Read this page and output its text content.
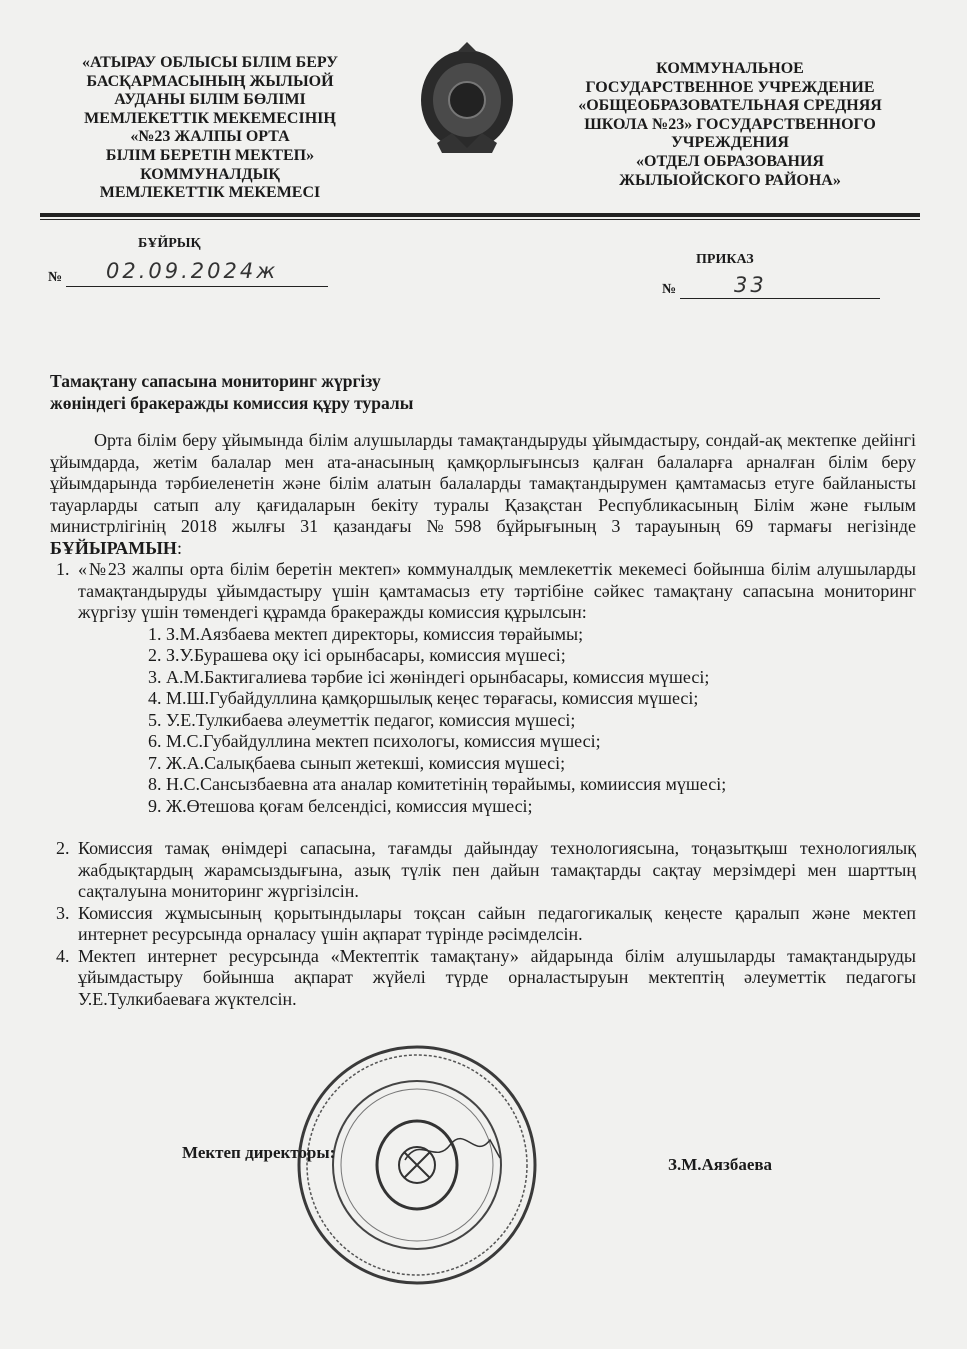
«АТЫРАУ ОБЛЫСЫ БІЛІМ БЕРУ
БАСҚАРМАСЫНЫҢ ЖЫЛЫОЙ
АУДАНЫ БІЛІМ БӨЛІМІ
МЕМЛЕКЕТТІК МЕКЕМЕСІНІҢ
«№23 ЖАЛПЫ ОРТА
БІЛІМ БЕРЕТІН МЕКТЕП»
КОММУНАЛДЫҚ
МЕМЛЕКЕТТІК МЕКЕМЕСІ
КОММУНАЛЬНОЕ
ГОСУДАРСТВЕННОЕ УЧРЕЖДЕНИЕ
«ОБЩЕОБРАЗОВАТЕЛЬНАЯ СРЕДНЯЯ
ШКОЛА №23» ГОСУДАРСТВЕННОГО
УЧРЕЖДЕНИЯ
«ОТДЕЛ ОБРАЗОВАНИЯ
ЖЫЛЫОЙСКОГО РАЙОНА»
БҰЙРЫҚ
№ 02.09.2024ж	ПРИКАЗ
№	33
Тамақтану сапасына мониторинг жүргізу
жөніндегі бракеражды комиссия құру туралы
Орта білім беру ұйымында білім алушыларды тамақтандыруды ұйымдастыру, сондай-ақ мектепке дейінгі ұйымдарда, жетім балалар мен ата-анасының қамқорлығынсыз қалған балаларға арналған білім беру ұйымдарында тәрбиеленетін және білім алатын балаларды тамақтандырумен қамтамасыз етуге байланысты тауарларды сатып алу қағидаларын бекіту туралы Қазақстан Республикасының Білім және ғылым министрлігінің 2018 жылғы 31 қазандағы №598 бұйрығының 3 тарауының 69 тармағы негізінде БҰЙЫРАМЫН:
1. «№23 жалпы орта білім беретін мектеп» коммуналдық мемлекеттік мекемесі бойынша білім алушыларды тамақтандыруды ұйымдастыру үшін қамтамасыз ету тәртібіне сәйкес тамақтану сапасына мониторинг жүргізу үшін төмендегі құрамда бракеражды комиссия құрылсын:
1. З.М.Аязбаева мектеп директоры, комиссия төрайымы;
2. З.У.Бурашева оқу ісі орынбасары, комиссия мүшесі;
3. А.М.Бактигалиева тәрбие ісі жөніндегі орынбасары, комиссия мүшесі;
4. М.Ш.Губайдуллина қамқоршылық кеңес төрағасы, комиссия мүшесі;
5. У.Е.Тулкибаева әлеуметтік педагог, комиссия мүшесі;
6. М.С.Губайдуллина мектеп психологы, комиссия мүшесі;
7. Ж.А.Салықбаева сынып жетекші, комиссия мүшесі;
8. Н.С.Сансызбаевна ата аналар комитетінің төрайымы, комииссия мүшесі;
9. Ж.Өтешова қоғам белсендісі, комиссия мүшесі;
2. Комиссия тамақ өнімдері сапасына, тағамды дайындау технологиясына, тоңазытқыш технологиялық жабдықтардың жарамсыздығына, азық түлік пен дайын тамақтарды сақтау мерзімдері мен шарттың сақталуына мониторинг жүргізілсін.
3. Комиссия жұмысының қорытындылары тоқсан сайын педагогикалық кеңесте қаралып және мектеп интернет ресурсында орналасу үшін ақпарат түрінде рәсімделсін.
4. Мектеп интернет ресурсында «Мектептік тамақтану» айдарында білім алушыларды тамақтандыруды ұйымдастыру бойынша ақпарат жүйелі түрде орналастыруын мектептің әлеуметтік педагогы У.Е.Тулкибаеваға жүктелсін.
Мектеп директоры:
З.М.Аязбаева
